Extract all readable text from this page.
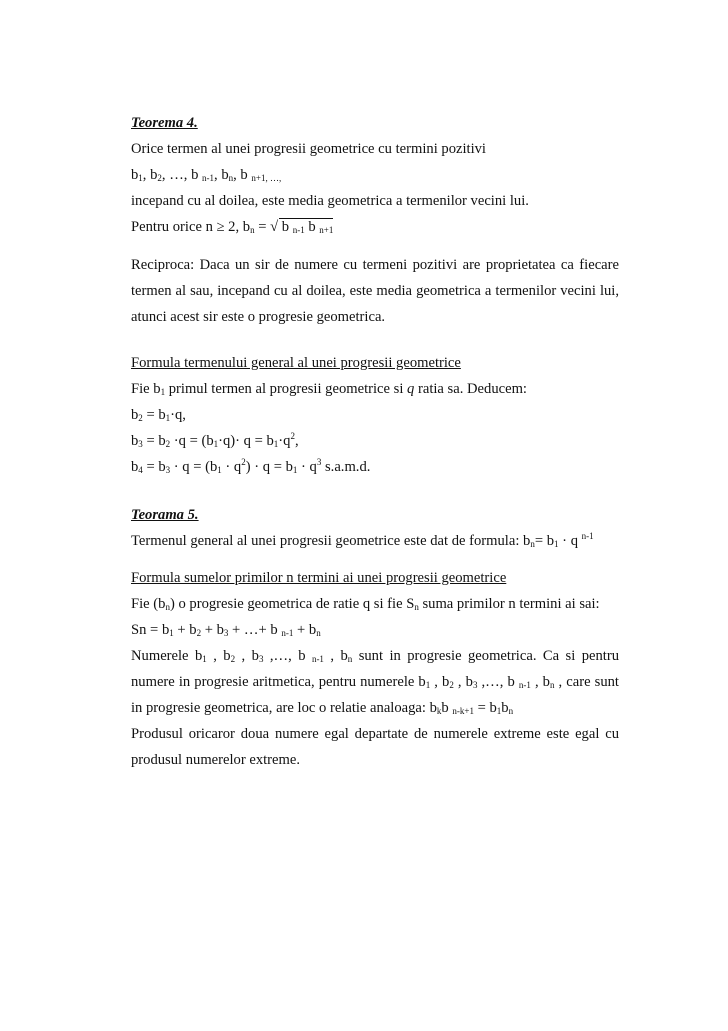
Teorema 4.
Orice termen al unei progresii geometrice cu termini pozitivi
b1, b2, …, b n-1, bn, b n+1, …,
incepand cu al doilea, este media geometrica a termenilor vecini lui.
Pentru orice n ≥ 2, bn =
√ b n-1 b n+1
Reciproca: Daca un sir de numere cu termeni pozitivi are proprietatea ca fiecare
termen al sau, incepand cu al doilea, este media geometrica a termenilor vecini lui,
atunci acest sir este o progresie geometrica.
Formula termenului general al unei progresii geometrice
Fie b1 primul termen al progresii geometrice si q ratia sa. Deducem:
b2 = b1·q,
$b3 = b2 \cdot q = (b1\cdot q)\cdot q = b1\cdot q^2$,
$b4 = b3 \cdot q = (b1 \cdot q^2) \cdot q = b1 \cdot q^3$ s.a.m.d.
Teorama 5.
Termenul general al unei progresii geometrice este dat de formula: bn= b1 · q $^{n-1}$
Formula sumelor primilor n termini ai unei progresii geometrice
Fie (bn) o progresie geometrica de ratie q si fie Sn suma primilor n termini ai sai:
Sn = b1 + b2 + b3 + …+ b n-1 + bn
Numerele b1 , b2 , b3 ,…, b n-1 , bn sunt in progresie geometrica. Ca si pentru
numere in progresie aritmetica, pentru numerele b1 , b2 , b3 ,…, b n-1 , bn , care sunt
in progresie geometrica, are loc o relatie analoaga: bkb n-k+1 = b1bn
Produsul oricaror doua numere egal departate de numerele extreme este egal cu
produsul numerelor extreme.
